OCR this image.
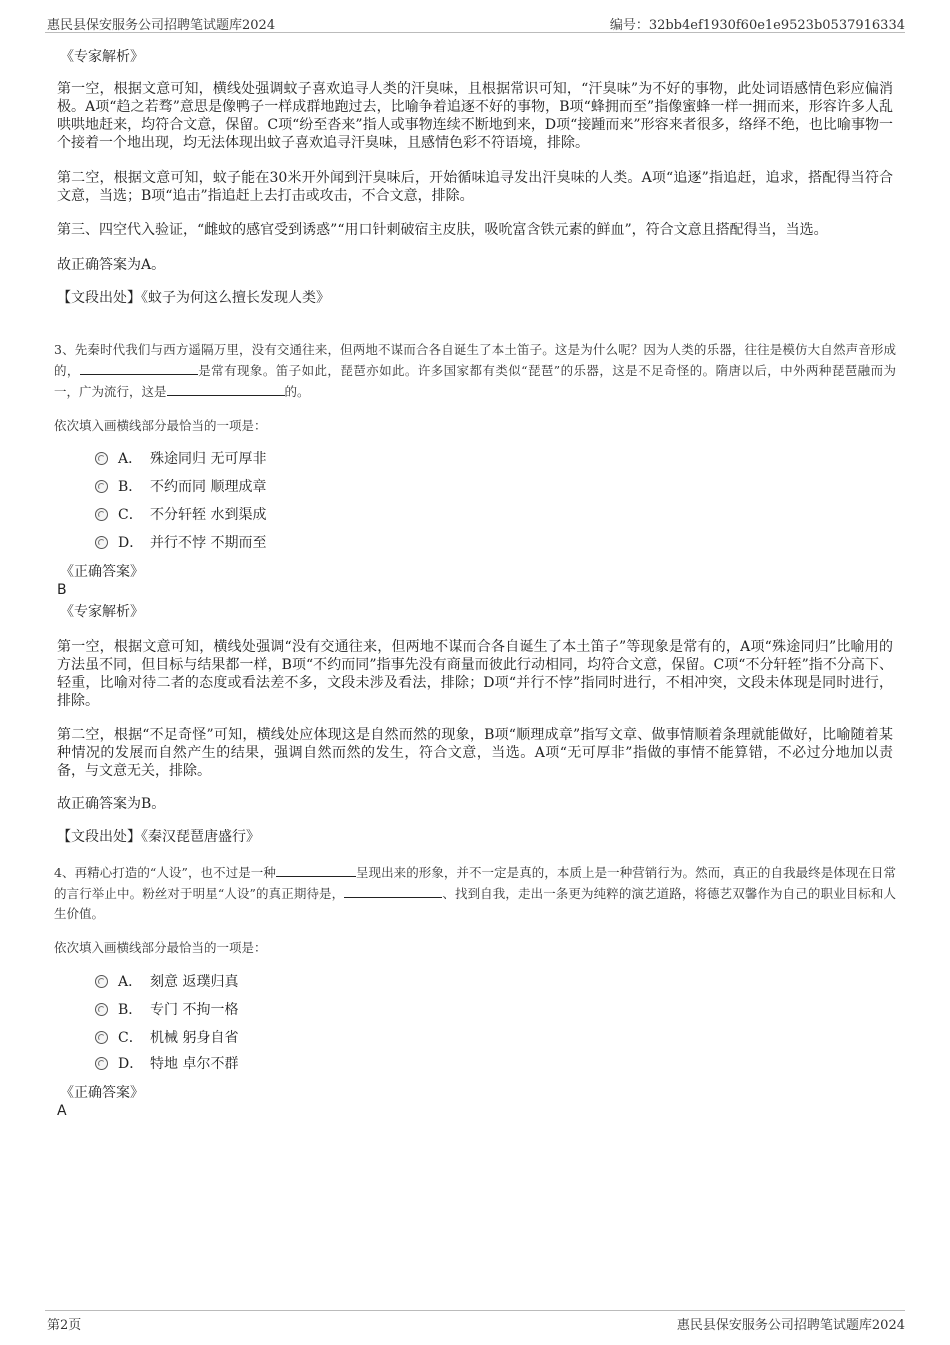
惠民县保安服务公司招聘笔试题库2024	编号：32bb4ef1930f60e1e9523b0537916334
《专家解析》
第一空，根据文意可知，横线处强调蚊子喜欢追寻人类的汗臭味，且根据常识可知，“汗臭味”为不好的事物，此处词语感情色彩应偏消极。A项“趋之若骛”意思是像鸭子一样成群地跑过去，比喻争着追逐不好的事物，B项“蜂拥而至”指像蜜蜂一样一拥而来，形容许多人乱哄哄地赶来，均符合文意，保留。C项“纷至沓来”指人或事物连续不断地到来，D项“接踵而来”形容来者很多，络绎不绝，也比喻事物一个接着一个地出现，均无法体现出蚊子喜欢追寻汗臭味，且感情色彩不符语境，排除。
第二空，根据文意可知，蚊子能在30米开外闻到汗臭味后，开始循味追寻发出汗臭味的人类。A项“追逐”指追赶，追求，搭配得当符合文意，当选；B项“追击”指追赶上去打击或攻击，不合文意，排除。
第三、四空代入验证，“雌蚊的感官受到诱惑”“用口针刺破宿主皮肤，吸吮富含铁元素的鲜血”，符合文意且搭配得当，当选。
故正确答案为A。
【文段出处】《蚊子为何这么擅长发现人类》
3、先秦时代我们与西方遥隔万里，没有交通往来，但两地不谋而合各自诞生了本土笛子。这是为什么呢？因为人类的乐器，往往是模仿大自然声音形成的，	是常有现象。笛子如此，琵琶亦如此。许多国家都有类似“琵琶”的乐器，这是不足奇怪的。隋唐以后，中外两种琵琶融而为一，广为流行，这是	的。
依次填入画横线部分最恰当的一项是：
A． 殊途同归 无可厚非
B． 不约而同 顺理成章
C． 不分轩轾 水到渠成
D． 并行不悖 不期而至
《正确答案》
B
《专家解析》
第一空，根据文意可知，横线处强调“没有交通往来，但两地不谋而合各自诞生了本土笛子”等现象是常有的，A项“殊途同归”比喻用的方法虽不同，但目标与结果都一样，B项“不约而同”指事先没有商量而彼此行动相同，均符合文意，保留。C项“不分轩轾”指不分高下、轻重，比喻对待二者的态度或看法差不多，文段未涉及看法，排除；D项“并行不悖”指同时进行，不相冲突，文段未体现是同时进行，排除。
第二空，根据“不足奇怪”可知，横线处应体现这是自然而然的现象，B项“顺理成章”指写文章、做事情顺着条理就能做好，比喻随着某种情况的发展而自然产生的结果，强调自然而然的发生，符合文意，当选。A项“无可厚非”指做的事情不能算错，不必过分地加以责备，与文意无关，排除。
故正确答案为B。
【文段出处】《秦汉琵琶唐盛行》
4、再精心打造的“人设”，也不过是一种	呈现出来的形象，并不一定是真的，本质上是一种营销行为。然而，真正的自我最终是体现在日常的言行举止中。粉丝对于明星“人设”的真正期待是，	、找到自我，走出一条更为纯粹的演艺道路，将德艺双馨作为自己的职业目标和人生价值。
依次填入画横线部分最恰当的一项是：
A． 刻意 返璞归真
B． 专门 不拘一格
C． 机械 躬身自省
D． 特地 卓尔不群
《正确答案》
A
第2页	惠民县保安服务公司招聘笔试题库2024
